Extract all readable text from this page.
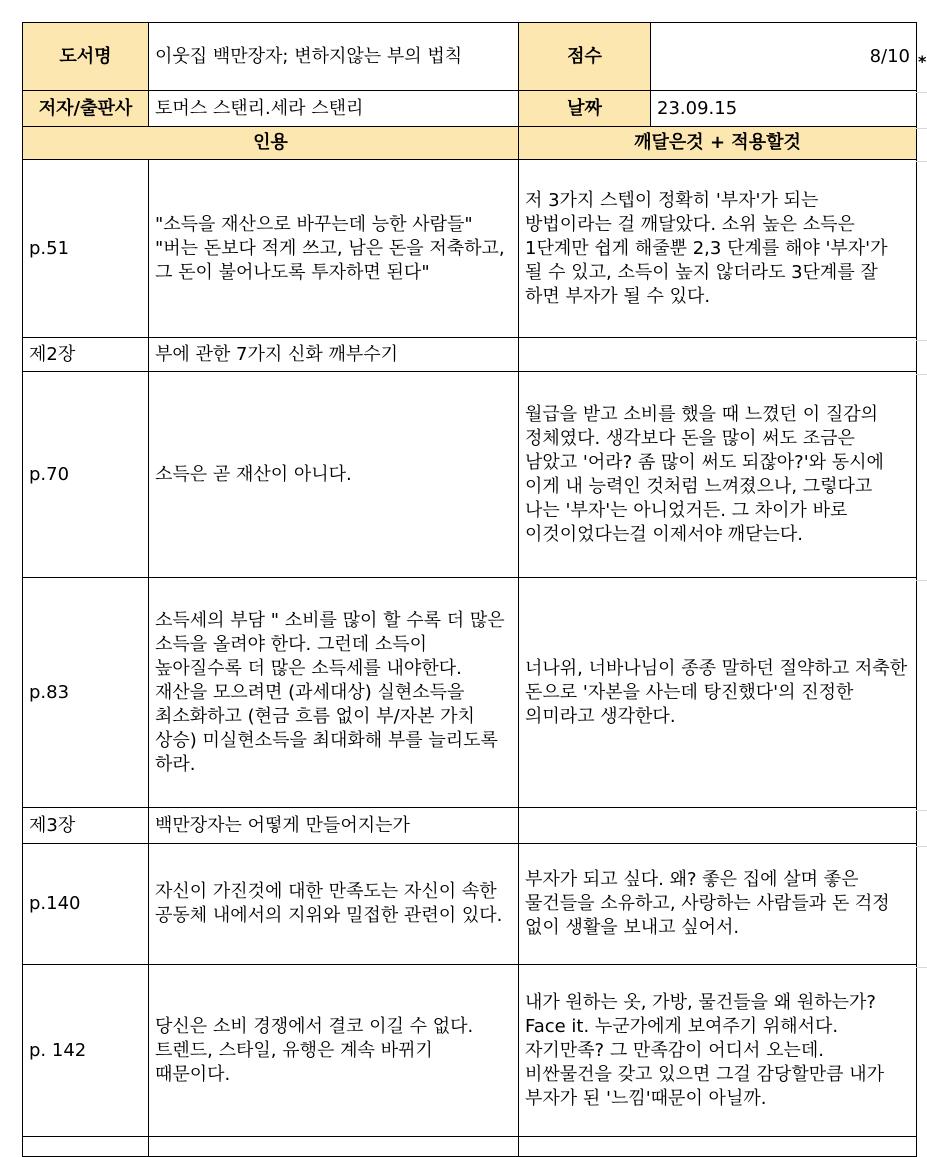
도서명	이웃집 백만장자; 변하지않는 부의 법칙	점수	8/10
저자/출판사	토머스 스탠리.세라 스탠리	날짜	23.09.15
인용		깨달은것 + 적용할것	
p.51	"소득을 재산으로 바꾸는데 능한 사람들" "버는 돈보다 적게 쓰고, 남은 돈을 저축하고, 그 돈이 불어나도록 투자하면 된다"	저 3가지 스텝이 정확히 '부자'가 되는 방법이라는 걸 깨달았다. 소위 높은 소득은 1단계만 쉽게 해줄뿐 2,3 단계를 해야 '부자'가 될 수 있고, 소득이 높지 않더라도 3단계를 잘 하면 부자가 될 수 있다.	
제2장	부에 관한 7가지 신화 깨부수기		
p.70	소득은 곧 재산이 아니다.	월급을 받고 소비를 했을 때 느꼈던 이 질감의 정체였다. 생각보다 돈을 많이 써도 조금은 남았고 '어라? 좀 많이 써도 되잖아?'와 동시에 이게 내 능력인 것처럼 느껴졌으나, 그렇다고 나는 '부자'는 아니었거든. 그 차이가 바로 이것이었다는걸 이제서야 깨닫는다.	
p.83	소득세의 부담 " 소비를 많이 할 수록 더 많은 소득을 올려야 한다. 그런데 소득이 높아질수록 더 많은 소득세를 내야한다. 재산을 모으려면 (과세대상) 실현소득을 최소화하고 (현금 흐름 없이 부/자본 가치 상승) 미실현소득을 최대화해 부를 늘리도록 하라.	너나위, 너바나님이 종종 말하던 절약하고 저축한 돈으로 '자본을 사는데 탕진했다'의 진정한 의미라고 생각한다.	
제3장	백만장자는 어떻게 만들어지는가		
p.140	자신이 가진것에 대한 만족도는 자신이 속한 공동체 내에서의 지위와 밀접한 관련이 있다.	부자가 되고 싶다. 왜? 좋은 집에 살며 좋은 물건들을 소유하고, 사랑하는 사람들과 돈 걱정 없이 생활을 보내고 싶어서.	
p. 142	당신은 소비 경쟁에서 결코 이길 수 없다. 트렌드, 스타일, 유행은 계속 바뀌기 때문이다.	내가 원하는 옷, 가방, 물건들을 왜 원하는가? Face it. 누군가에게 보여주기 위해서다. 자기만족? 그 만족감이 어디서 오는데. 비싼물건을 갖고 있으면 그걸 감당할만큼 내가 부자가 된 '느낌'때문이 아닐까.	

*
